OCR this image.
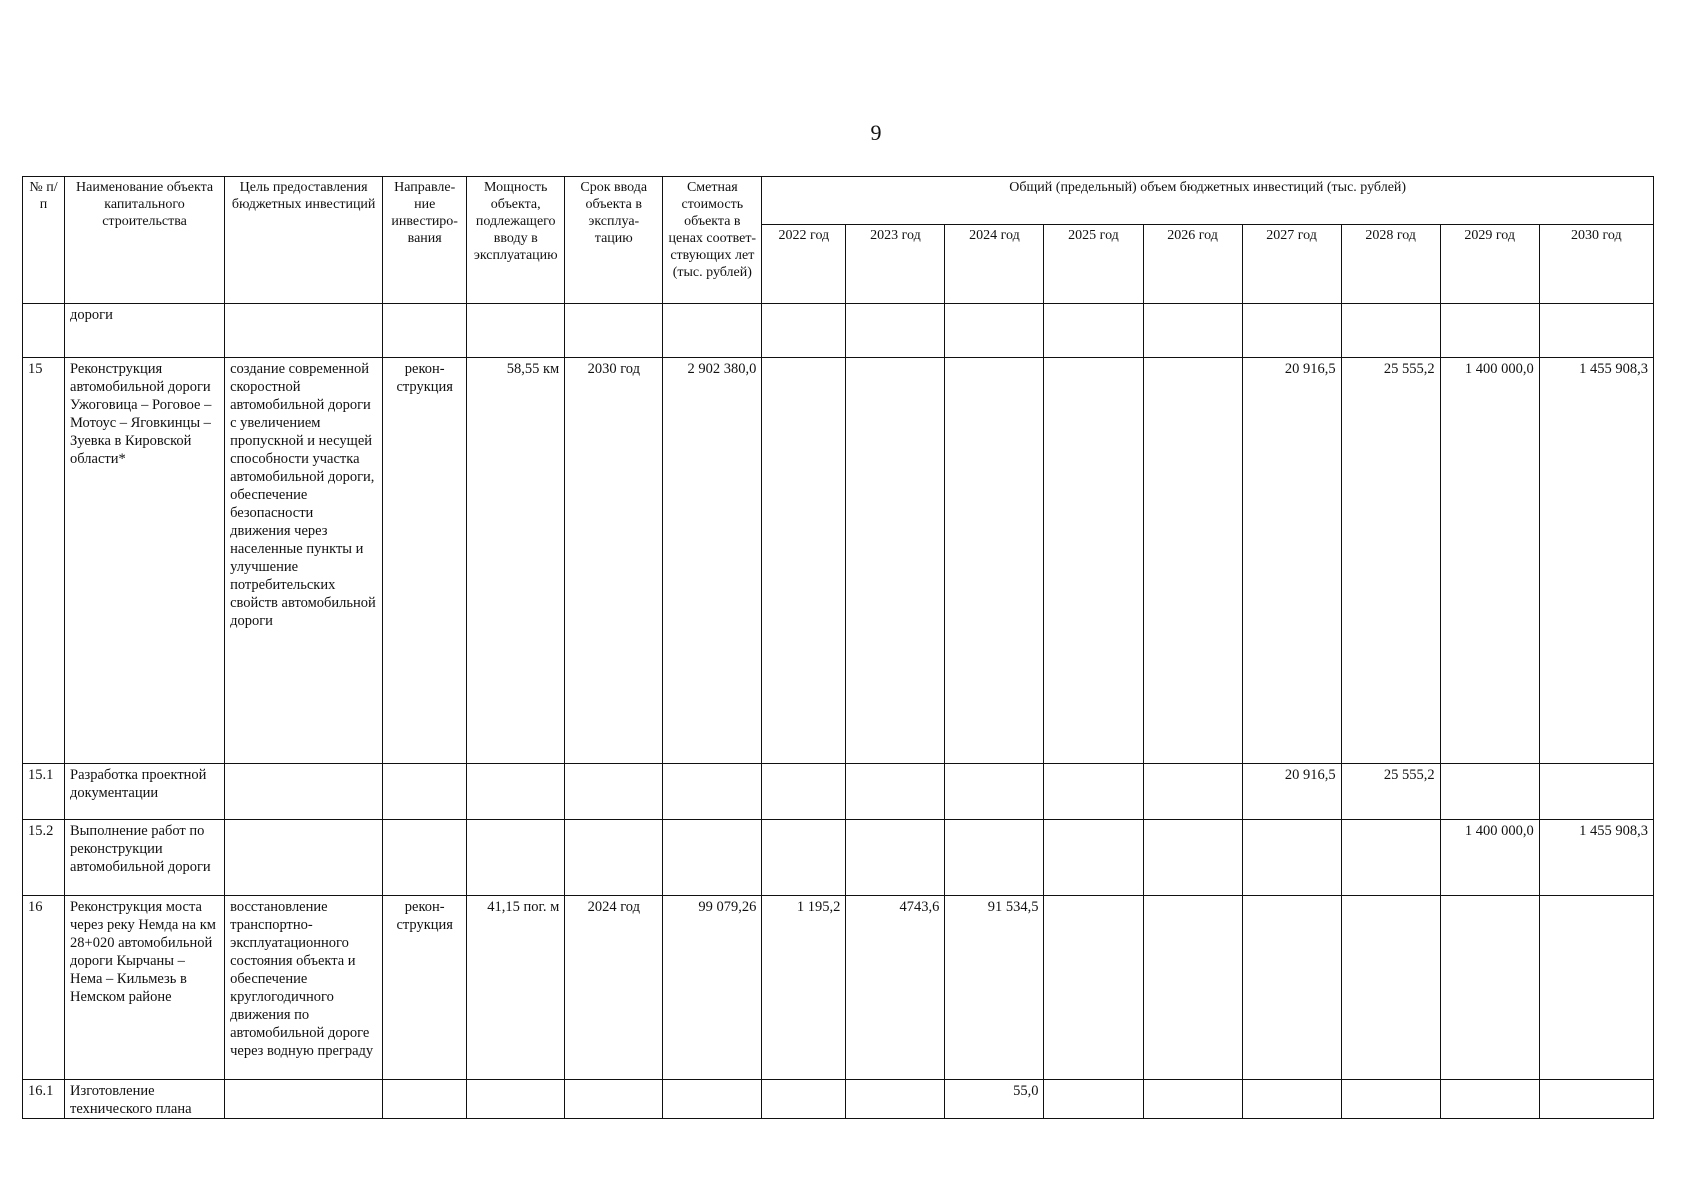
9
№ п/п	Наименование объекта капитального строительства	Цель предоставления бюджетных инвестиций	Направле-ние инвестиро-вания	Мощность объекта, подлежащего вводу в эксплуатацию	Срок ввода объекта в эксплуа-тацию	Сметная стоимость объекта в ценах соответ-ствующих лет (тыс. рублей)	Общий (предельный) объем бюджетных инвестиций (тыс. рублей)								
							2022 год	2023 год	2024 год	2025 год	2026 год	2027 год	2028 год	2029 год	2030 год
	дороги														
15	Реконструкция автомобильной дороги Ужоговица – Роговое – Мотоус – Яговкинцы – Зуевка в Кировской области*	создание современной скоростной автомобильной дороги с увеличением пропускной и несущей способности участка автомобильной дороги, обеспечение безопасности движения через населенные пункты и улучшение потребительских свойств автомобильной дороги	рекон-струкция	58,55 км	2030 год	2 902 380,0						20 916,5	25 555,2	1 400 000,0	1 455 908,3
15.1	Разработка проектной документации											20 916,5	25 555,2		
15.2	Выполнение работ по реконструкции автомобильной дороги													1 400 000,0	1 455 908,3
16	Реконструкция моста через реку Немда на км 28+020 автомобильной дороги Кырчаны – Нема – Кильмезь в Немском районе	восстановление транспортно-эксплуатационного состояния объекта и обеспечение круглогодичного движения по автомобильной дороге через водную преграду	рекон-струкция	41,15 пог. м	2024 год	99 079,26	1 195,2	4743,6	91 534,5						
16.1	Изготовление технического плана								55,0						
